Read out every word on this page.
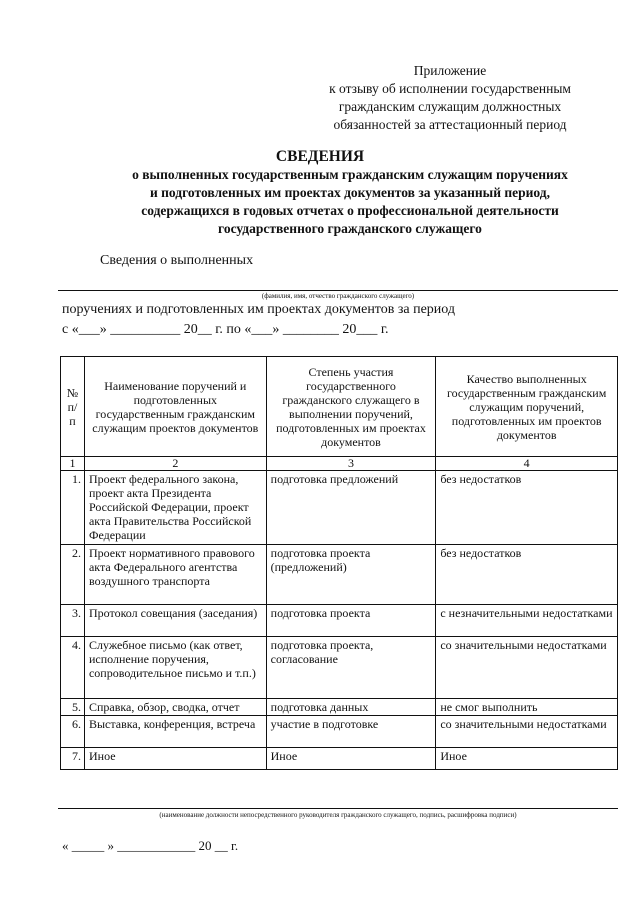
Приложение
к отзыву об исполнении государственным
гражданским служащим должностных
обязанностей за аттестационный период
СВЕДЕНИЯ
о выполненных государственным гражданским служащим поручениях
и подготовленных им проектах документов за указанный период,
содержащихся в годовых отчетах о профессиональной деятельности
государственного гражданского служащего
Сведения о выполненных
(фамилия, имя, отчество гражданского служащего)
поручениях и подготовленных им проектах документов за период
с «___» __________ 20__ г. по «___» ________ 20___ г.
№ п/п	Наименование поручений и подготовленных государственным гражданским служащим проектов документов	Степень участия государственного гражданского служащего в выполнении поручений, подготовленных им проектах документов	Качество выполненных государственным гражданским служащим поручений, подготовленных им проектов документов
1	2	3	4
1.	Проект федерального закона, проект акта Президента Российской Федерации, проект акта Правительства Российской Федерации	подготовка предложений	без недостатков
2.	Проект нормативного правового акта Федерального агентства воздушного транспорта	подготовка проекта (предложений)	без недостатков
3.	Протокол совещания (заседания)	подготовка проекта	с незначительными недостатками
4.	Служебное письмо (как ответ, исполнение поручения, сопроводительное письмо и т.п.)	подготовка проекта, согласование	со значительными недостатками
5.	Справка, обзор, сводка, отчет	подготовка данных	не смог выполнить
6.	Выставка, конференция, встреча	участие в подготовке	со значительными недостатками
7.	Иное	Иное	Иное
(наименование должности непосредственного руководителя гражданского служащего, подпись, расшифровка подписи)
« _____ » ____________ 20 __ г.
